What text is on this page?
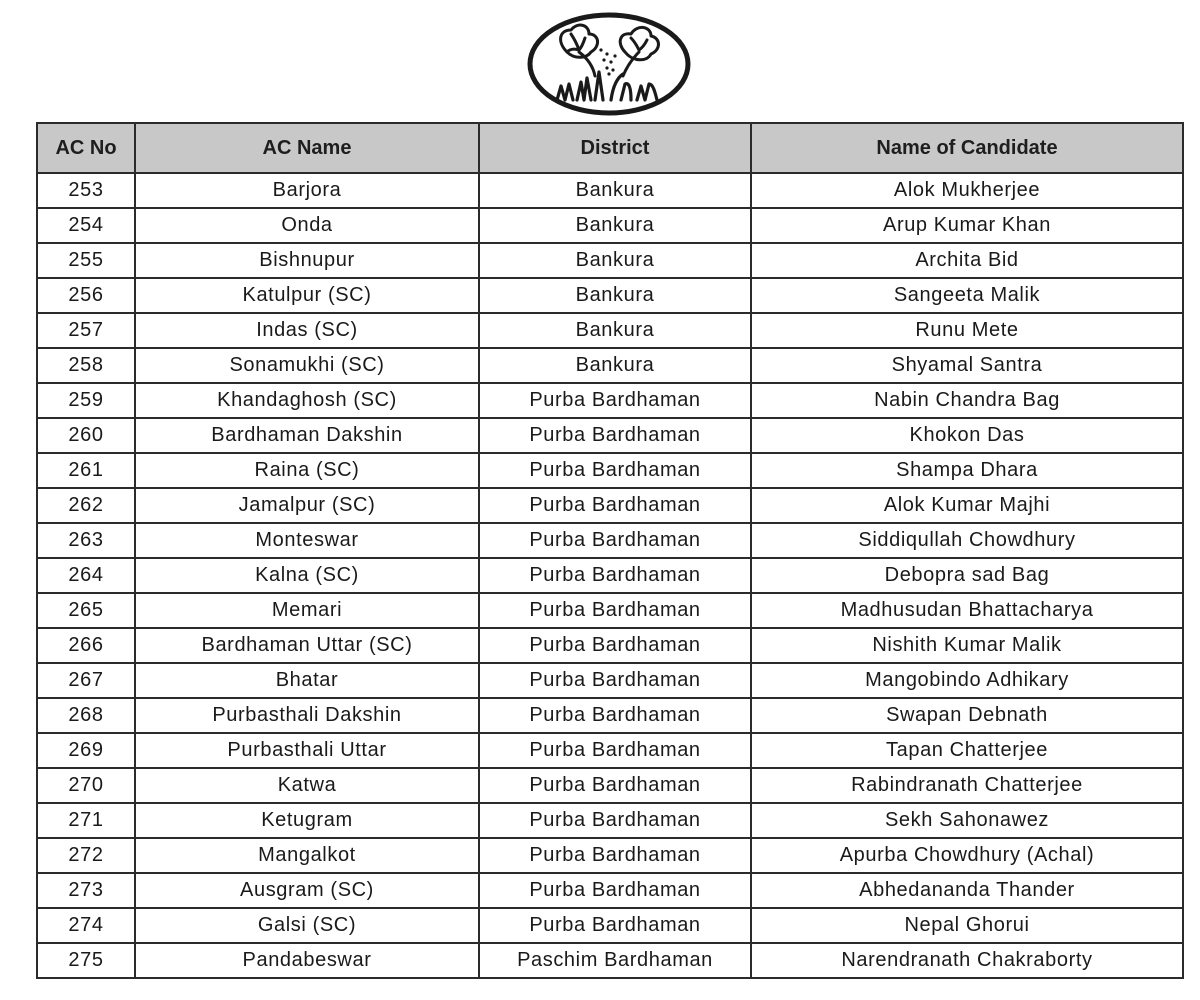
AC No	AC Name	District	Name of Candidate
253	Barjora	Bankura	Alok Mukherjee
254	Onda	Bankura	Arup Kumar Khan
255	Bishnupur	Bankura	Archita Bid
256	Katulpur (SC)	Bankura	Sangeeta Malik
257	Indas (SC)	Bankura	Runu Mete
258	Sonamukhi (SC)	Bankura	Shyamal Santra
259	Khandaghosh (SC)	Purba Bardhaman	Nabin Chandra Bag
260	Bardhaman Dakshin	Purba Bardhaman	Khokon Das
261	Raina (SC)	Purba Bardhaman	Shampa Dhara
262	Jamalpur (SC)	Purba Bardhaman	Alok Kumar Majhi
263	Monteswar	Purba Bardhaman	Siddiqullah Chowdhury
264	Kalna (SC)	Purba Bardhaman	Debopra sad Bag
265	Memari	Purba Bardhaman	Madhusudan Bhattacharya
266	Bardhaman Uttar (SC)	Purba Bardhaman	Nishith Kumar Malik
267	Bhatar	Purba Bardhaman	Mangobindo Adhikary
268	Purbasthali Dakshin	Purba Bardhaman	Swapan Debnath
269	Purbasthali Uttar	Purba Bardhaman	Tapan Chatterjee
270	Katwa	Purba Bardhaman	Rabindranath Chatterjee
271	Ketugram	Purba Bardhaman	Sekh Sahonawez
272	Mangalkot	Purba Bardhaman	Apurba Chowdhury (Achal)
273	Ausgram (SC)	Purba Bardhaman	Abhedananda Thander
274	Galsi (SC)	Purba Bardhaman	Nepal Ghorui
275	Pandabeswar	Paschim Bardhaman	Narendranath Chakraborty
